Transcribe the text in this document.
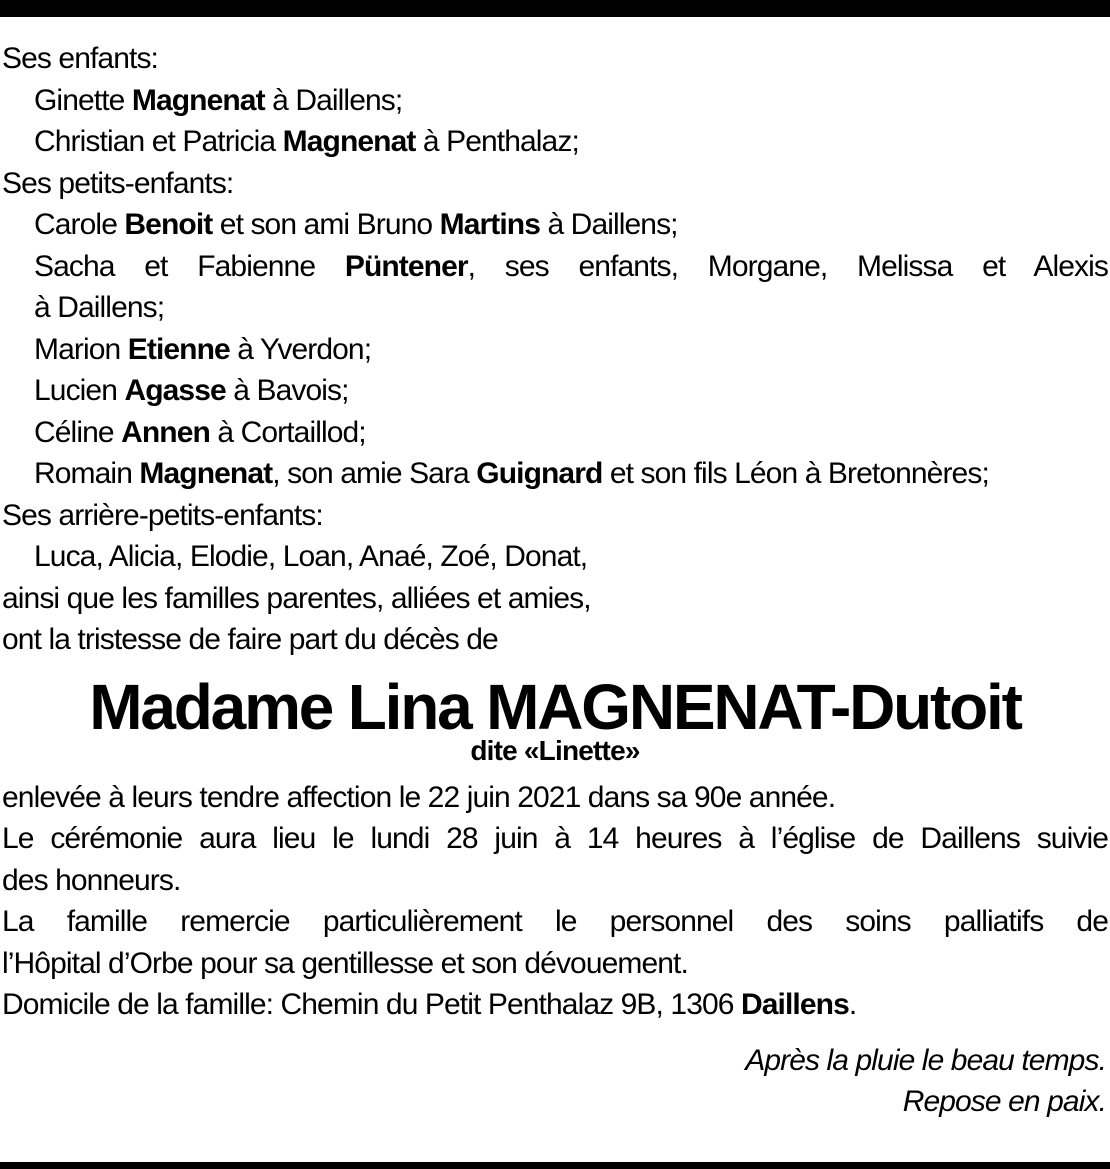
Ses enfants:
Ginette Magnenat à Daillens;
Christian et Patricia Magnenat à Penthalaz;
Ses petits-enfants:
Carole Benoit et son ami Bruno Martins à Daillens;
Sacha et Fabienne Püntener, ses enfants, Morgane, Melissa et Alexis
à Daillens;
Marion Etienne à Yverdon;
Lucien Agasse à Bavois;
Céline Annen à Cortaillod;
Romain Magnenat, son amie Sara Guignard et son fils Léon à Bretonnères;
Ses arrière-petits-enfants:
Luca, Alicia, Elodie, Loan, Anaé, Zoé, Donat,
ainsi que les familles parentes, alliées et amies,
ont la tristesse de faire part du décès de
Madame Lina MAGNENAT-Dutoit
dite «Linette»
enlevée à leurs tendre affection le 22 juin 2021 dans sa 90e année.
Le cérémonie aura lieu le lundi 28 juin à 14 heures à l’église de Daillens suivie
des honneurs.
La famille remercie particulièrement le personnel des soins palliatifs de
l’Hôpital d’Orbe pour sa gentillesse et son dévouement.
Domicile de la famille: Chemin du Petit Penthalaz 9B, 1306 Daillens.
Après la pluie le beau temps.
Repose en paix.
